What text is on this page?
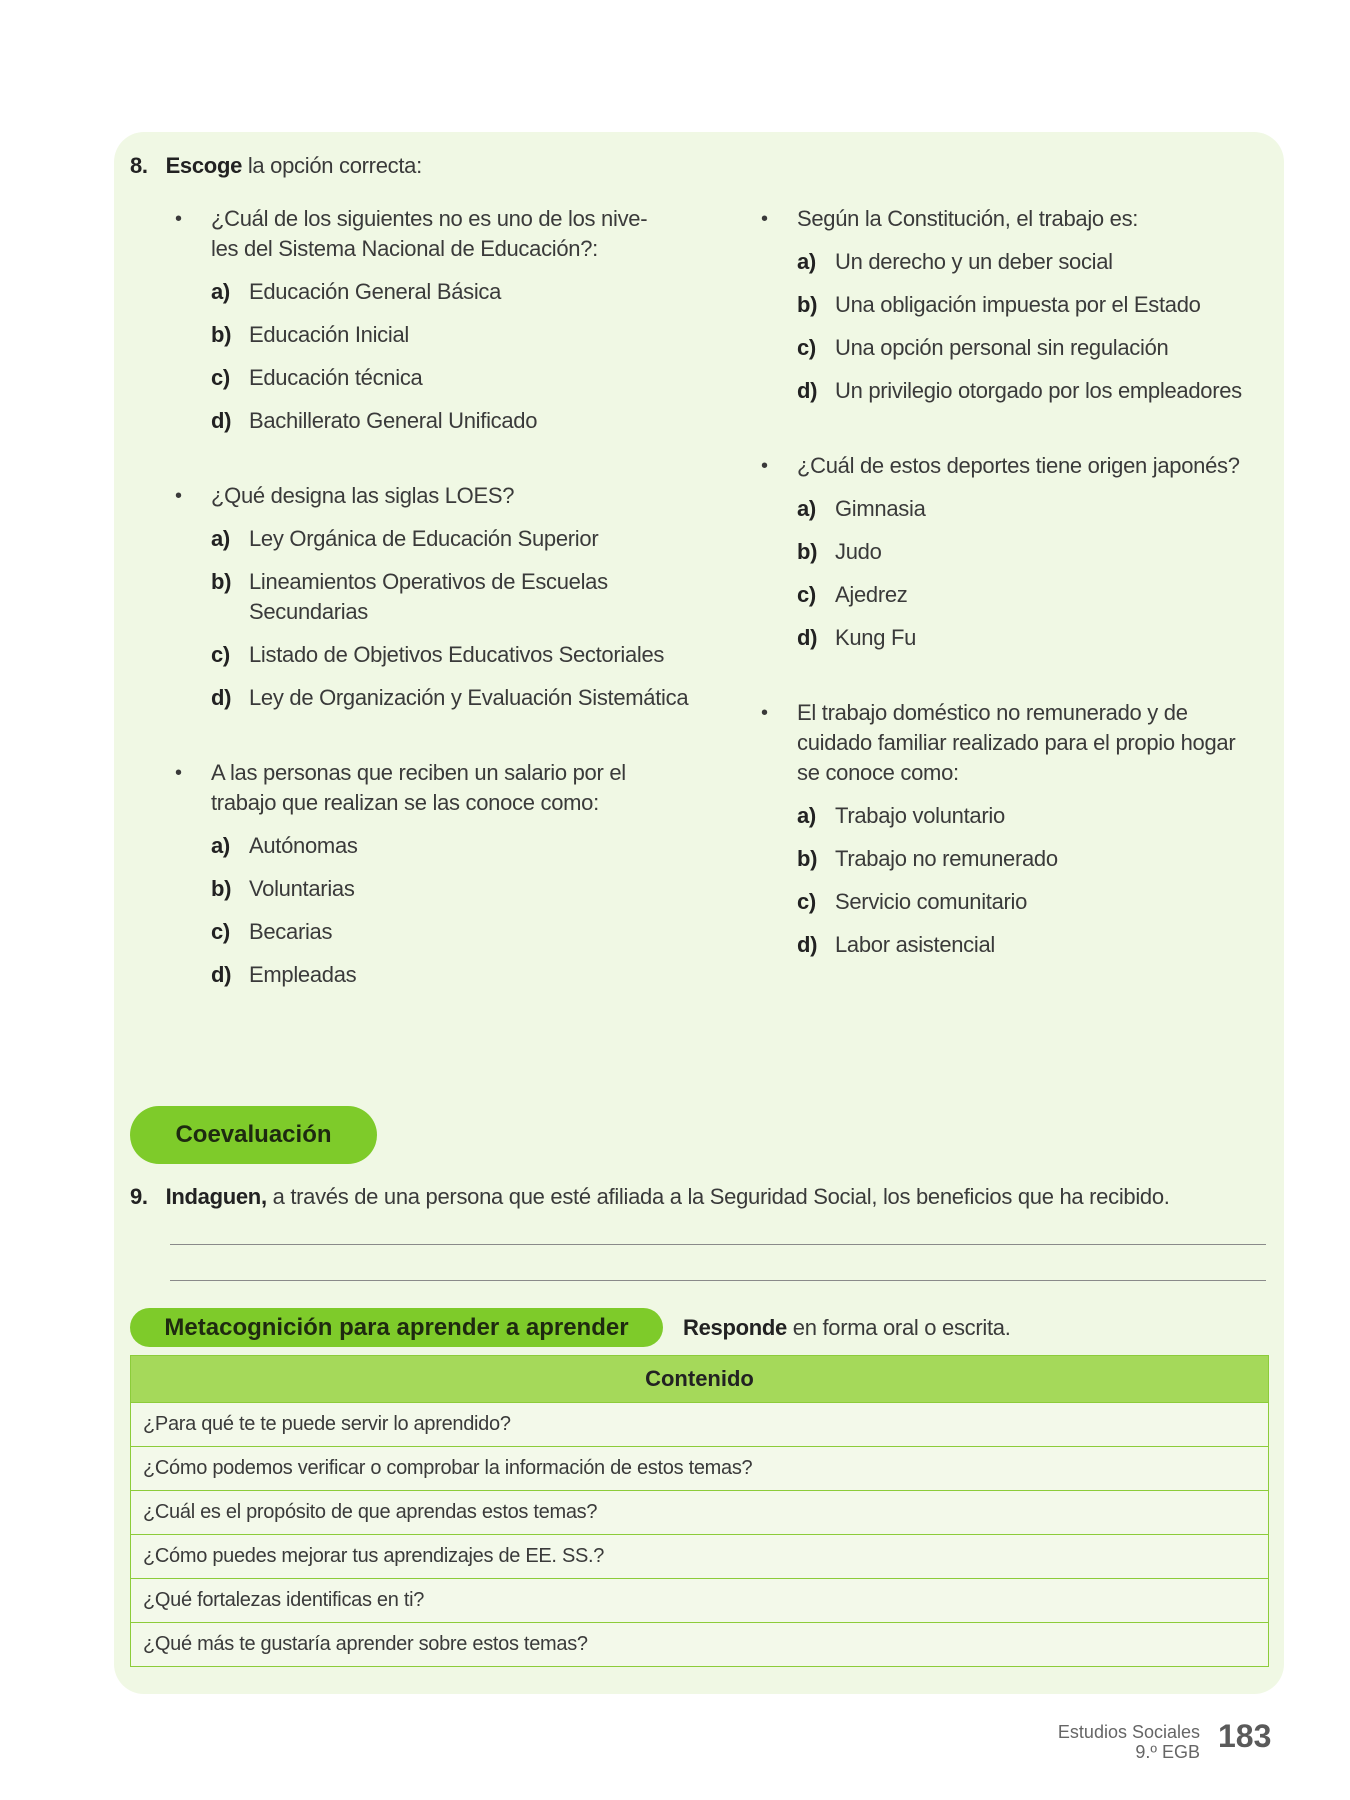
8. Escoge la opción correcta:
•	¿Cuál de los siguientes no es uno de los nive-
les del Sistema Nacional de Educación?:
a) Educación General Básica
b) Educación Inicial
c) Educación técnica
d) Bachillerato General Unificado
•	¿Qué designa las siglas LOES?
a) Ley Orgánica de Educación Superior
b) Lineamientos Operativos de Escuelas Secundarias
c) Listado de Objetivos Educativos Sectoriales
d) Ley de Organización y Evaluación Sistemática
•	A las personas que reciben un salario por el
trabajo que realizan se las conoce como:
a) Autónomas
b) Voluntarias
c) Becarias
d) Empleadas
•	Según la Constitución, el trabajo es:
a) Un derecho y un deber social
b) Una obligación impuesta por el Estado
c) Una opción personal sin regulación
d) Un privilegio otorgado por los empleadores
•	¿Cuál de estos deportes tiene origen japonés?
a) Gimnasia
b) Judo
c) Ajedrez
d) Kung Fu
•	El trabajo doméstico no remunerado y de
cuidado familiar realizado para el propio hogar
se conoce como:
a) Trabajo voluntario
b) Trabajo no remunerado
c) Servicio comunitario
d) Labor asistencial
Coevaluación
9. Indaguen, a través de una persona que esté afiliada a la Seguridad Social, los beneficios que ha recibido.
Metacognición para aprender a aprender Responde en forma oral o escrita.
Contenido
¿Para qué te te puede servir lo aprendido?
¿Cómo podemos verificar o comprobar la información de estos temas?
¿Cuál es el propósito de que aprendas estos temas?
¿Cómo puedes mejorar tus aprendizajes de EE. SS.?
¿Qué fortalezas identificas en ti?
¿Qué más te gustaría aprender sobre estos temas?
Estudios Sociales
9.º EGB 183
